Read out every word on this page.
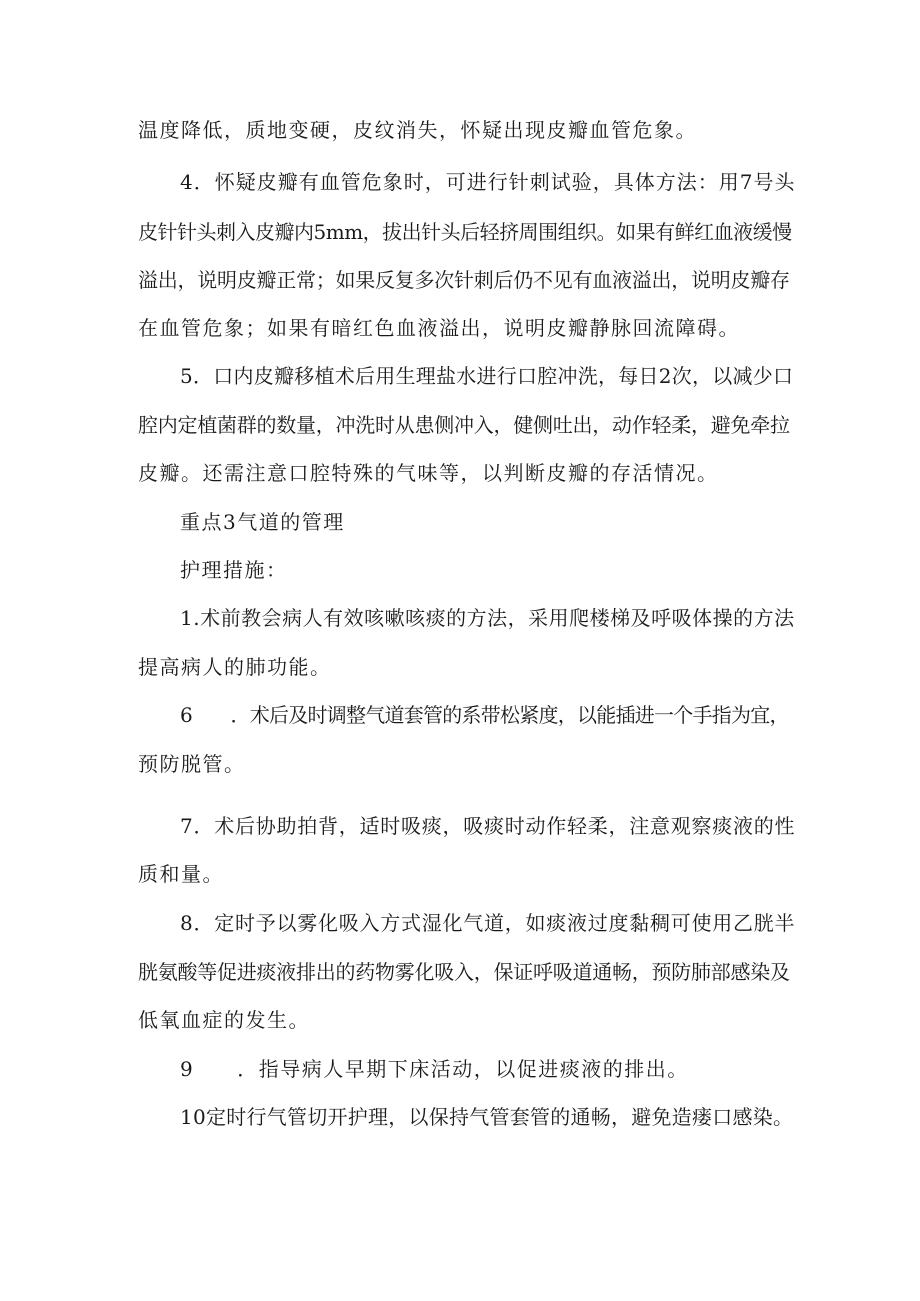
温度降低，质地变硬，皮纹消失，怀疑出现皮瓣血管危象。
4．怀疑皮瓣有血管危象时，可进行针刺试验，具体方法：用7号头
皮针针头刺入皮瓣内5mm，拔出针头后轻挤周围组织。如果有鲜红血液缓慢
溢出，说明皮瓣正常；如果反复多次针刺后仍不见有血液溢出，说明皮瓣存
在血管危象；如果有暗红色血液溢出，说明皮瓣静脉回流障碍。
5．口内皮瓣移植术后用生理盐水进行口腔冲洗，每日2次，以减少口
腔内定植菌群的数量，冲洗时从患侧冲入，健侧吐出，动作轻柔，避免牵拉
皮瓣。还需注意口腔特殊的气味等，以判断皮瓣的存活情况。
重点3气道的管理
护理措施：
1.术前教会病人有效咳嗽咳痰的方法，采用爬楼梯及呼吸体操的方法
提高病人的肺功能。
6　　．术后及时调整气道套管的系带松紧度，以能插进一个手指为宜，
预防脱管。
7．术后协助拍背，适时吸痰，吸痰时动作轻柔，注意观察痰液的性
质和量。
8．定时予以雾化吸入方式湿化气道，如痰液过度黏稠可使用乙胱半
胱氨酸等促进痰液排出的药物雾化吸入，保证呼吸道通畅，预防肺部感染及
低氧血症的发生。
9　　．指导病人早期下床活动，以促进痰液的排出。
10定时行气管切开护理，以保持气管套管的通畅，避免造瘘口感染。
